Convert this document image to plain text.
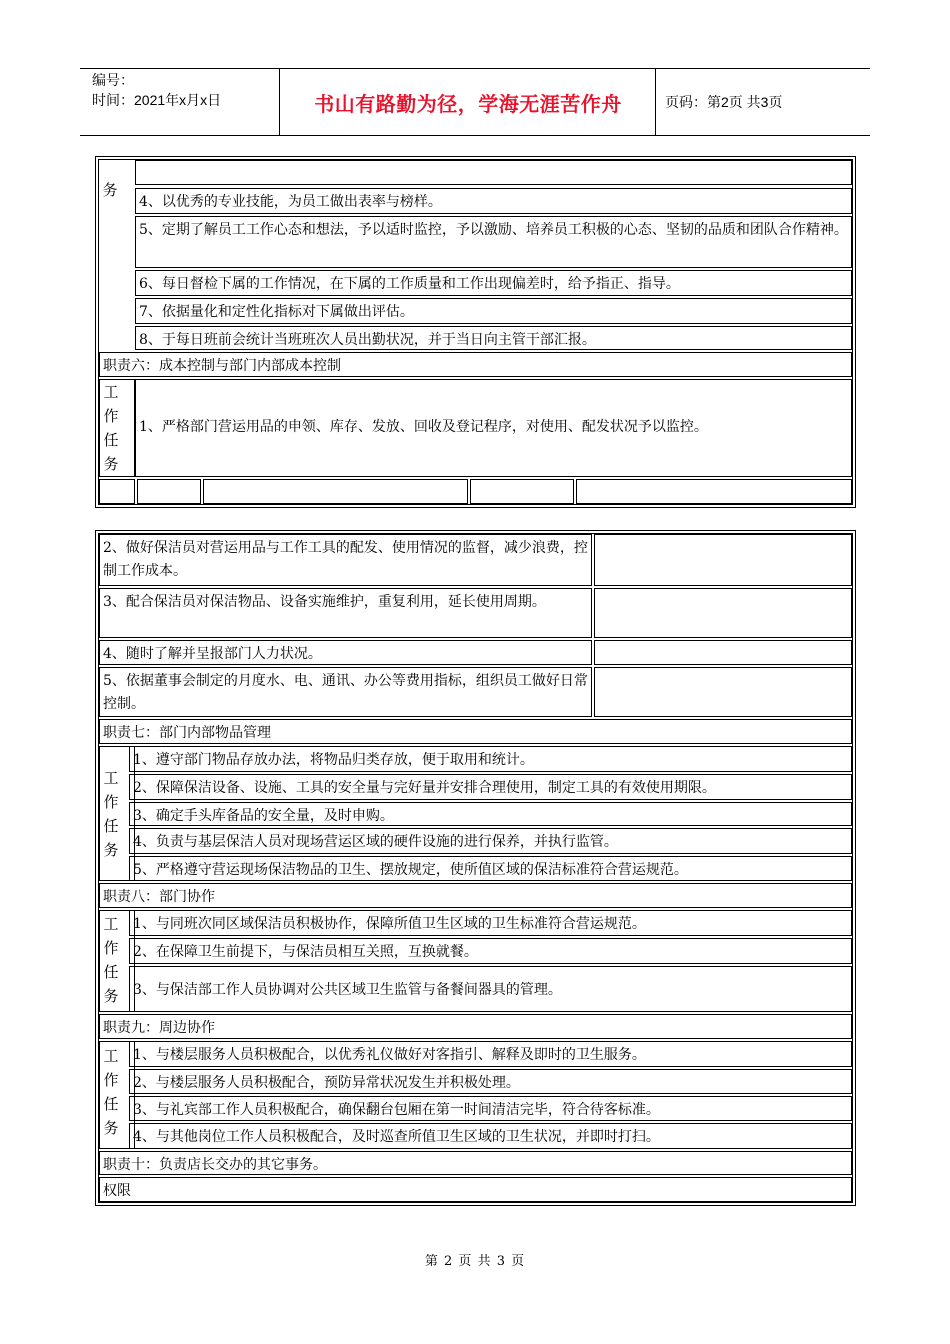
编号：
时间：2021年x月x日	书山有路勤为径，学海无涯苦作舟	页码：第2页 共3页
务
4、以优秀的专业技能，为员工做出表率与榜样。
5、定期了解员工工作心态和想法，予以适时监控，予以激励、培养员工积极的心态、坚韧的品质和团队合作精神。
6、每日督检下属的工作情况，在下属的工作质量和工作出现偏差时，给予指正、指导。
7、依据量化和定性化指标对下属做出评估。
8、于每日班前会统计当班班次人员出勤状况，并于当日向主管干部汇报。
职责六：成本控制与部门内部成本控制
工作任务
1、严格部门营运用品的申领、库存、发放、回收及登记程序，对使用、配发状况予以监控。
2、做好保洁员对营运用品与工作工具的配发、使用情况的监督，减少浪费，控制工作成本。
3、配合保洁员对保洁物品、设备实施维护，重复利用，延长使用周期。
4、随时了解并呈报部门人力状况。
5、依据董事会制定的月度水、电、通讯、办公等费用指标，组织员工做好日常控制。
职责七：部门内部物品管理
工作任务
1、遵守部门物品存放办法，将物品归类存放，便于取用和统计。
2、保障保洁设备、设施、工具的安全量与完好量并安排合理使用，制定工具的有效使用期限。
3、确定手头库备品的安全量，及时申购。
4、负责与基层保洁人员对现场营运区域的硬件设施的进行保养，并执行监管。
5、严格遵守营运现场保洁物品的卫生、摆放规定，使所值区域的保洁标准符合营运规范。
职责八：部门协作
工作任务
1、与同班次同区域保洁员积极协作，保障所值卫生区域的卫生标准符合营运规范。
2、在保障卫生前提下，与保洁员相互关照，互换就餐。
3、与保洁部工作人员协调对公共区域卫生监管与备餐间器具的管理。
职责九：周边协作
工作任务
1、与楼层服务人员积极配合，以优秀礼仪做好对客指引、解释及即时的卫生服务。
2、与楼层服务人员积极配合，预防异常状况发生并积极处理。
3、与礼宾部工作人员积极配合，确保翻台包厢在第一时间清洁完毕，符合待客标准。
4、与其他岗位工作人员积极配合，及时巡查所值卫生区域的卫生状况，并即时打扫。
职责十：负责店长交办的其它事务。
权限
第 2 页 共 3 页
